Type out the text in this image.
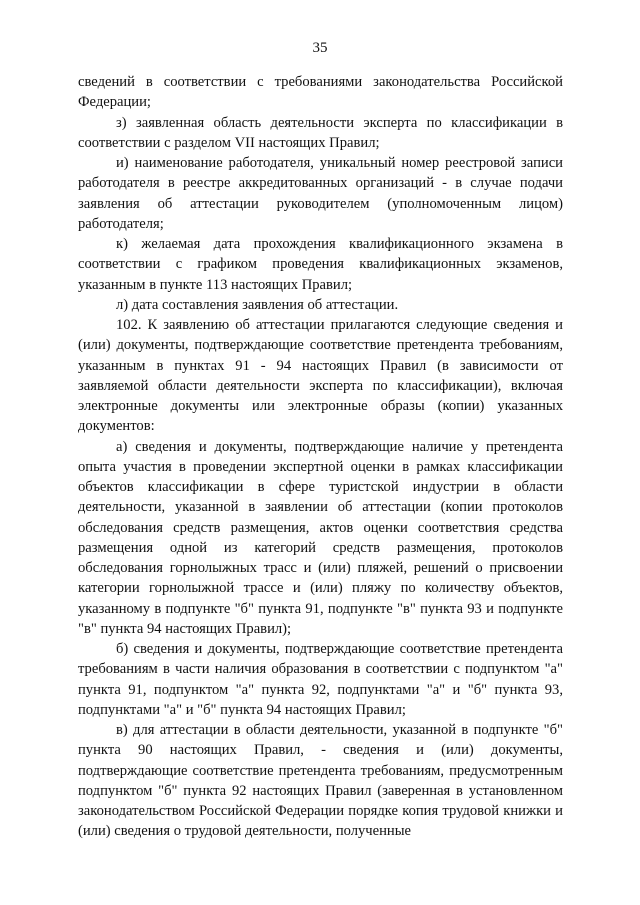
35

сведений в соответствии с требованиями законодательства Российской Федерации;

з) заявленная область деятельности эксперта по классификации в соответствии с разделом VII настоящих Правил;

и) наименование работодателя, уникальный номер реестровой записи работодателя в реестре аккредитованных организаций - в случае подачи заявления об аттестации руководителем (уполномоченным лицом) работодателя;

к) желаемая дата прохождения квалификационного экзамена в соответствии с графиком проведения квалификационных экзаменов, указанным в пункте 113 настоящих Правил;

л) дата составления заявления об аттестации.

102. К заявлению об аттестации прилагаются следующие сведения и (или) документы, подтверждающие соответствие претендента требованиям, указанным в пунктах 91 - 94 настоящих Правил (в зависимости от заявляемой области деятельности эксперта по классификации), включая электронные документы или электронные образы (копии) указанных документов:

а) сведения и документы, подтверждающие наличие у претендента опыта участия в проведении экспертной оценки в рамках классификации объектов классификации в сфере туристской индустрии в области деятельности, указанной в заявлении об аттестации (копии протоколов обследования средств размещения, актов оценки соответствия средства размещения одной из категорий средств размещения, протоколов обследования горнолыжных трасс и (или) пляжей, решений о присвоении категории горнолыжной трассе и (или) пляжу по количеству объектов, указанному в подпункте "б" пункта 91, подпункте "в" пункта 93 и подпункте "в" пункта 94 настоящих Правил);

б) сведения и документы, подтверждающие соответствие претендента требованиям в части наличия образования в соответствии с подпунктом "а" пункта 91, подпунктом "а" пункта 92, подпунктами "а" и "б" пункта 93, подпунктами "а" и "б" пункта 94 настоящих Правил;

в) для аттестации в области деятельности, указанной в подпункте "б" пункта 90 настоящих Правил, - сведения и (или) документы, подтверждающие соответствие претендента требованиям, предусмотренным подпунктом "б" пункта 92 настоящих Правил (заверенная в установленном законодательством Российской Федерации порядке копия трудовой книжки и (или) сведения о трудовой деятельности, полученные
